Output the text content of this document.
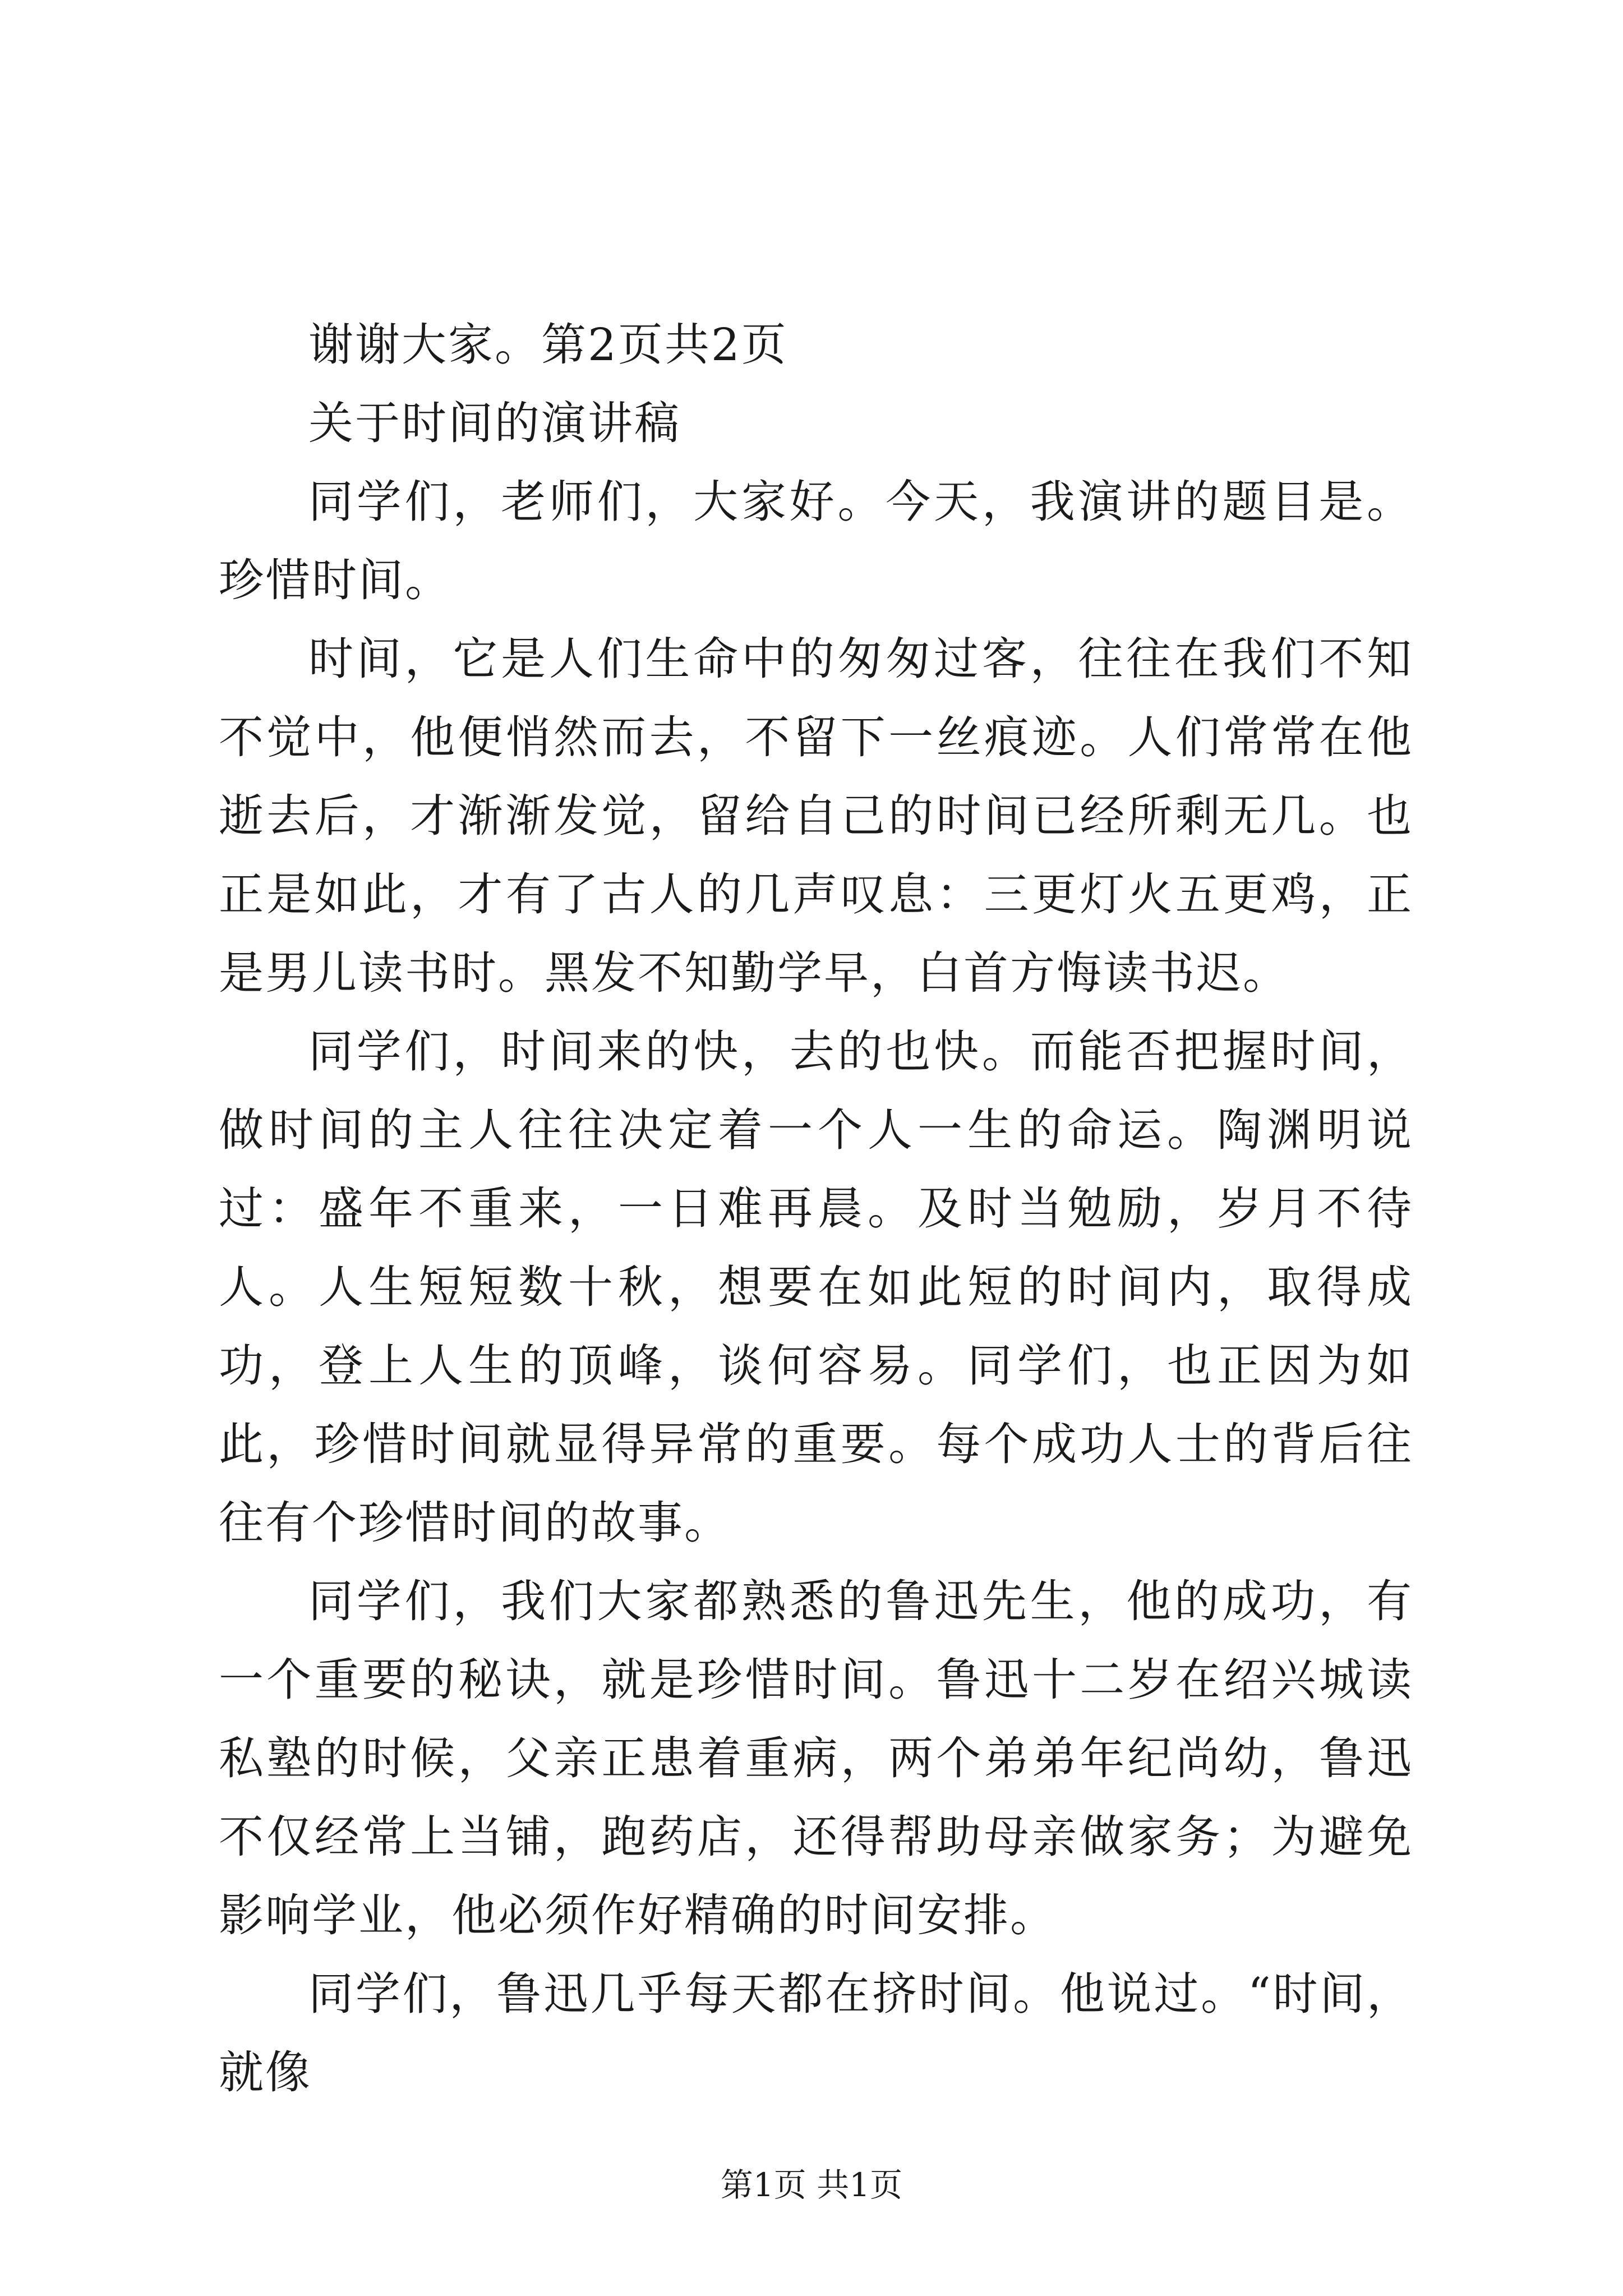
谢谢大家。第2页共2页

关于时间的演讲稿

同学们，老师们，大家好。今天，我演讲的题目是。珍惜时间。

时间，它是人们生命中的匆匆过客，往往在我们不知不觉中，他便悄然而去，不留下一丝痕迹。人们常常在他逝去后，才渐渐发觉，留给自己的时间已经所剩无几。也正是如此，才有了古人的几声叹息：三更灯火五更鸡，正是男儿读书时。黑发不知勤学早，白首方悔读书迟。

同学们，时间来的快，去的也快。而能否把握时间，做时间的主人往往决定着一个人一生的命运。陶渊明说过：盛年不重来，一日难再晨。及时当勉励，岁月不待人。人生短短数十秋，想要在如此短的时间内，取得成功，登上人生的顶峰，谈何容易。同学们，也正因为如此，珍惜时间就显得异常的重要。每个成功人士的背后往往有个珍惜时间的故事。

同学们，我们大家都熟悉的鲁迅先生，他的成功，有一个重要的秘诀，就是珍惜时间。鲁迅十二岁在绍兴城读私塾的时候，父亲正患着重病，两个弟弟年纪尚幼，鲁迅不仅经常上当铺，跑药店，还得帮助母亲做家务；为避免影响学业，他必须作好精确的时间安排。

同学们，鲁迅几乎每天都在挤时间。他说过。“时间，就像

第1页 共1页
